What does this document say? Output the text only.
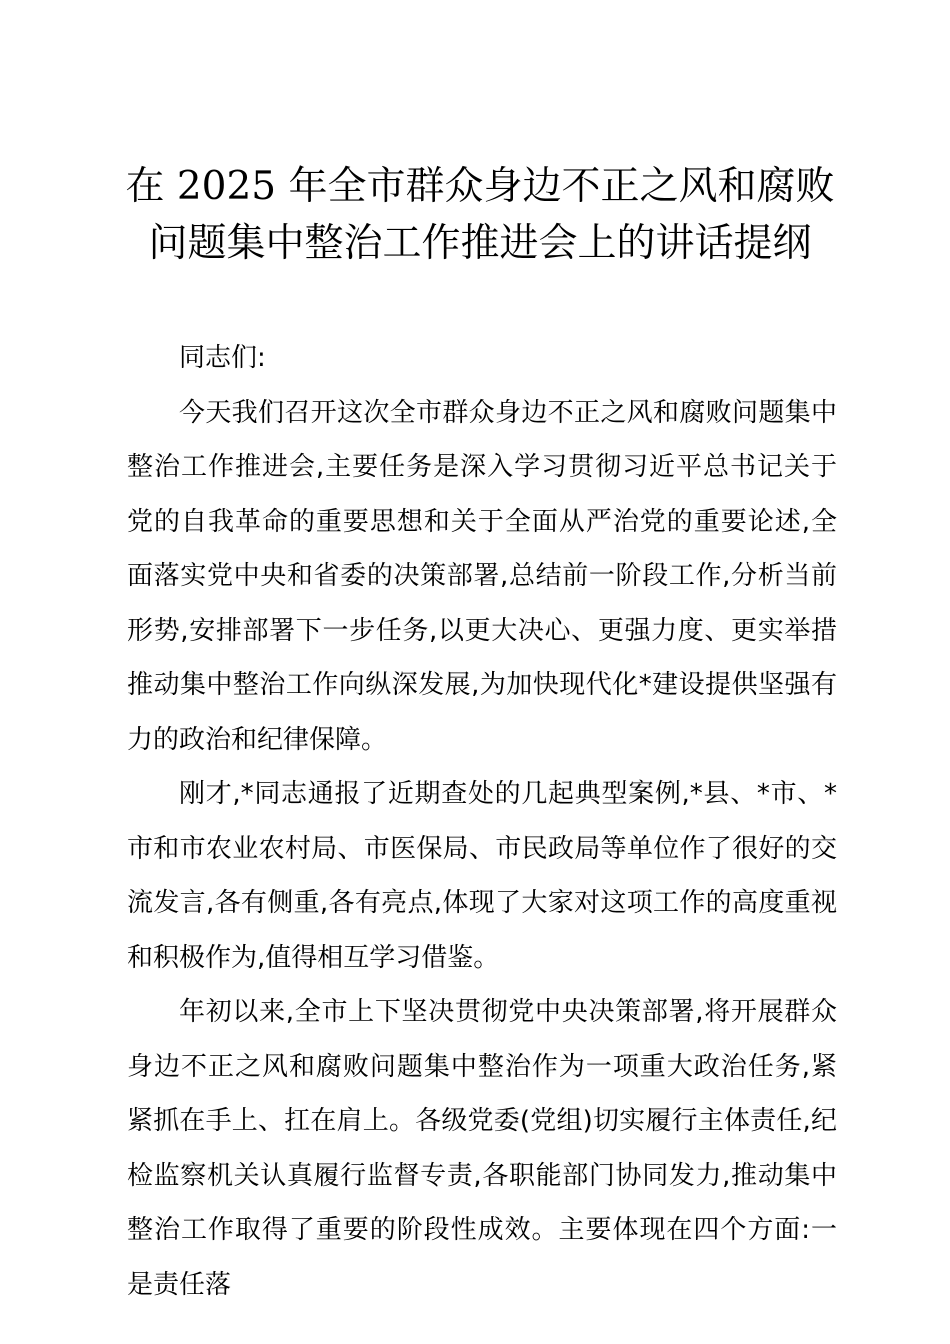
在 2025 年全市群众身边不正之风和腐败问题集中整治工作推进会上的讲话提纲

同志们:

今天我们召开这次全市群众身边不正之风和腐败问题集中整治工作推进会,主要任务是深入学习贯彻习近平总书记关于党的自我革命的重要思想和关于全面从严治党的重要论述,全面落实党中央和省委的决策部署,总结前一阶段工作,分析当前形势,安排部署下一步任务,以更大决心、更强力度、更实举措推动集中整治工作向纵深发展,为加快现代化*建设提供坚强有力的政治和纪律保障。

刚才,*同志通报了近期查处的几起典型案例,*县、*市、*市和市农业农村局、市医保局、市民政局等单位作了很好的交流发言,各有侧重,各有亮点,体现了大家对这项工作的高度重视和积极作为,值得相互学习借鉴。

年初以来,全市上下坚决贯彻党中央决策部署,将开展群众身边不正之风和腐败问题集中整治作为一项重大政治任务,紧紧抓在手上、扛在肩上。各级党委(党组)切实履行主体责任,纪检监察机关认真履行监督专责,各职能部门协同发力,推动集中整治工作取得了重要的阶段性成效。主要体现在四个方面:一是责任落
